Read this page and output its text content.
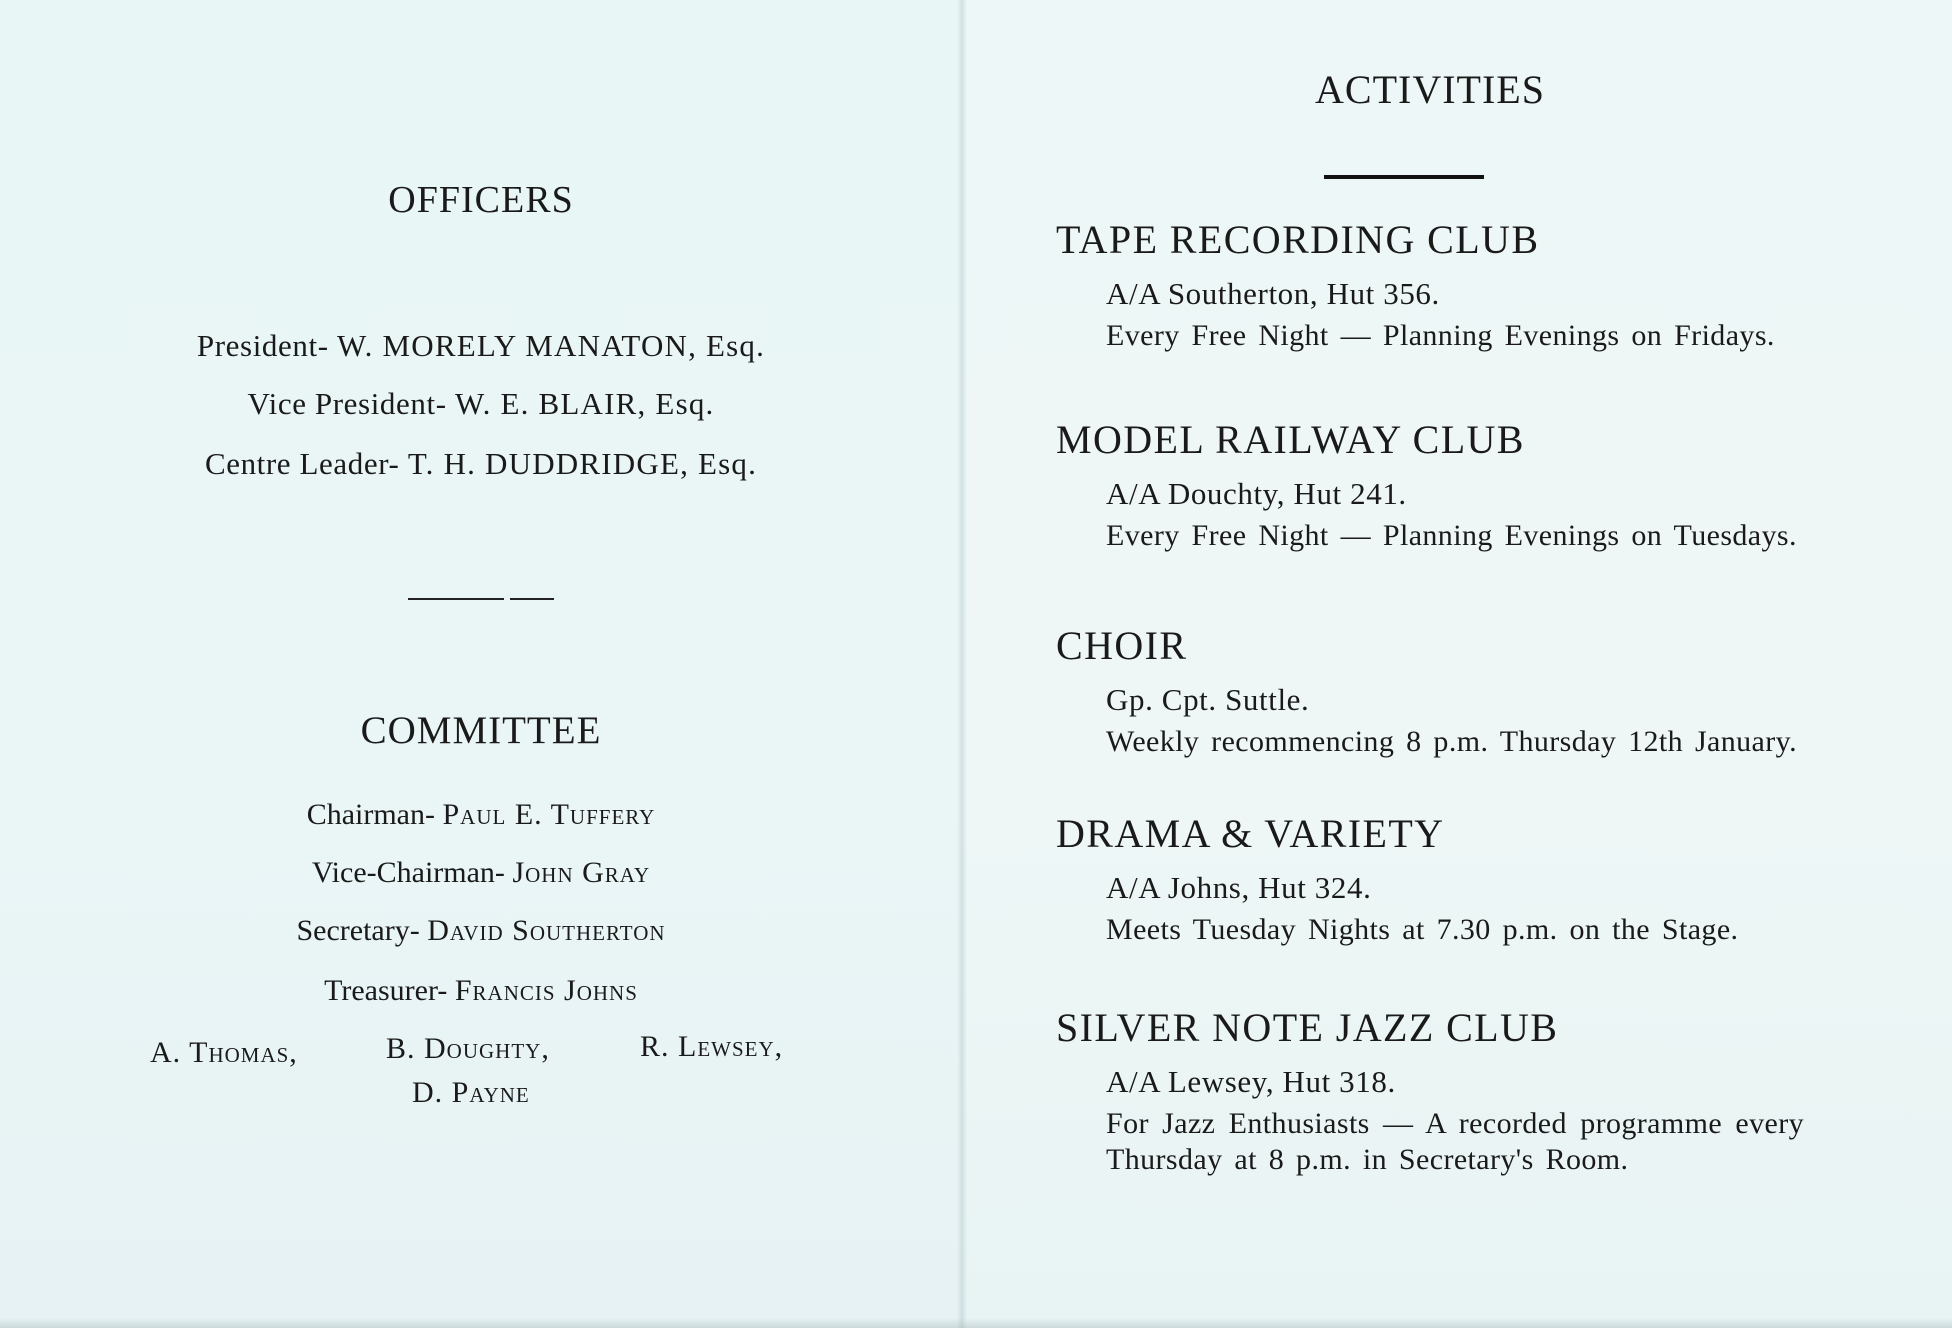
OFFICERS
President- W. MORELY MANATON, Esq.
Vice President- W. E. BLAIR, Esq.
Centre Leader- T. H. DUDDRIDGE, Esq.
COMMITTEE
Chairman- Paul E. Tuffery
Vice-Chairman- John Gray
Secretary- David Southerton
Treasurer- Francis Johns
A. Thomas,	B. Doughty,	R. Lewsey,
D. Payne
ACTIVITIES
TAPE RECORDING CLUB
A/A Southerton, Hut 356.
Every Free Night — Planning Evenings on Fridays.
MODEL RAILWAY CLUB
A/A Douchty, Hut 241.
Every Free Night — Planning Evenings on Tuesdays.
CHOIR
Gp. Cpt. Suttle.
Weekly recommencing 8 p.m. Thursday 12th January.
DRAMA & VARIETY
A/A Johns, Hut 324.
Meets Tuesday Nights at 7.30 p.m. on the Stage.
SILVER NOTE JAZZ CLUB
A/A Lewsey, Hut 318.
For Jazz Enthusiasts — A recorded programme every Thursday at 8 p.m. in Secretary's Room.
